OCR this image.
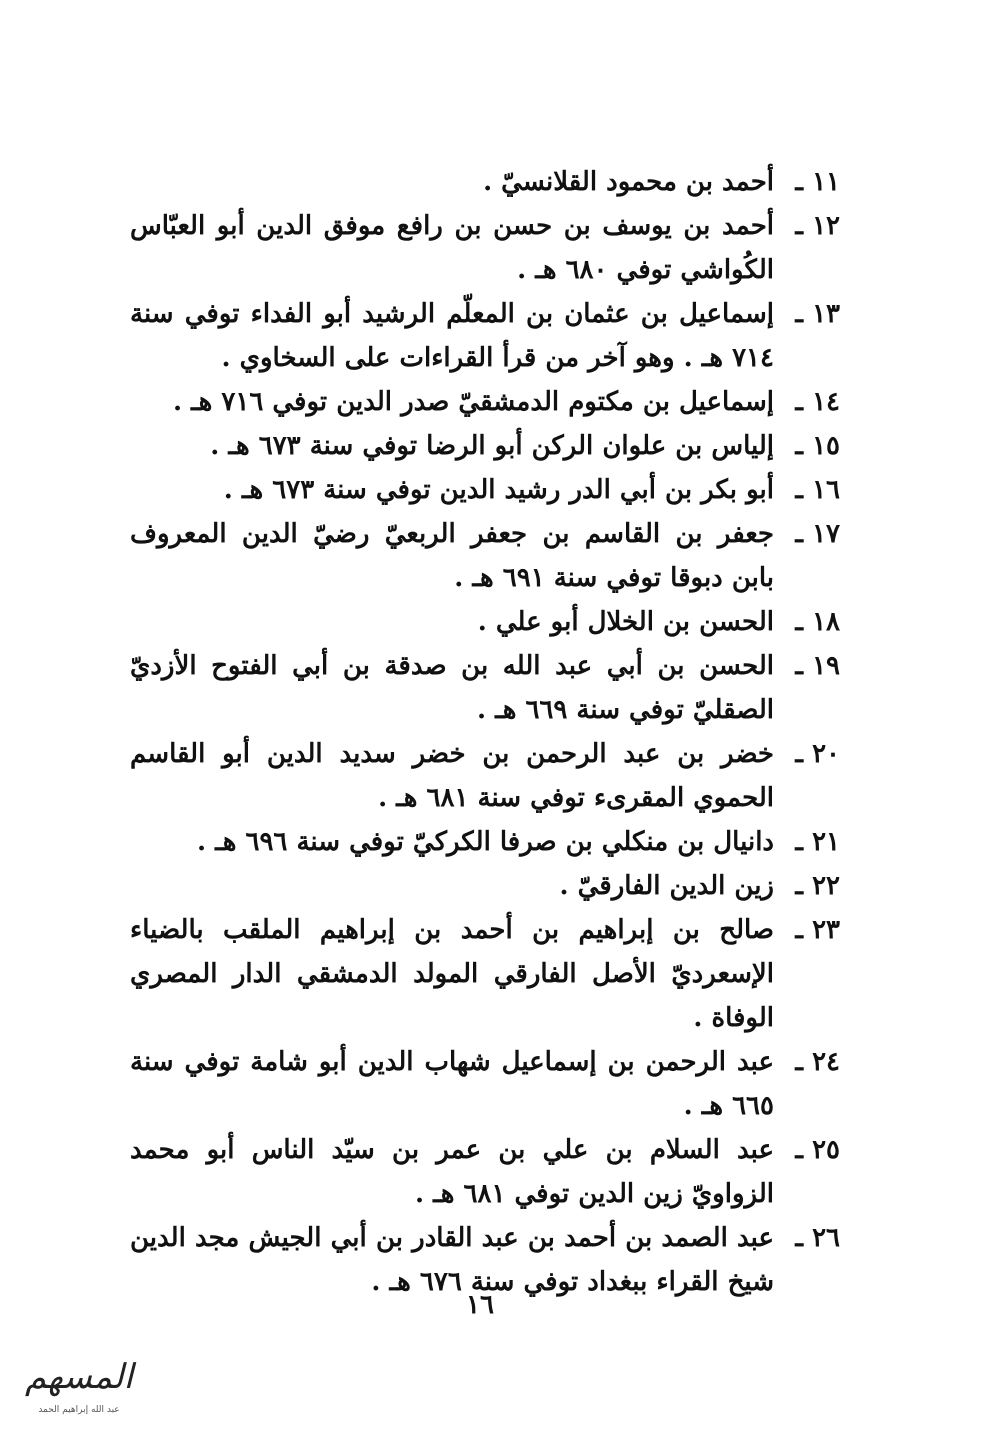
١١ ـ
أحمد بن محمود القلانسيّ .
١٢ ـ
أحمد بن يوسف بن حسن بن رافع موفق الدين أبو العبّاس الكُواشي توفي ٦٨٠ هـ .
١٣ ـ
إسماعيل بن عثمان بن المعلّم الرشيد أبو الفداء توفي سنة ٧١٤ هـ . وهو آخر من قرأ القراءات على السخاوي .
١٤ ـ
إسماعيل بن مكتوم الدمشقيّ صدر الدين توفي ٧١٦ هـ .
١٥ ـ
إلياس بن علوان الركن أبو الرضا توفي سنة ٦٧٣ هـ .
١٦ ـ
أبو بكر بن أبي الدر رشيد الدين توفي سنة ٦٧٣ هـ .
١٧ ـ
جعفر بن القاسم بن جعفر الربعيّ رضيّ الدين المعروف بابن دبوقا توفي سنة ٦٩١ هـ .
١٨ ـ
الحسن بن الخلال أبو علي .
١٩ ـ
الحسن بن أبي عبد الله بن صدقة بن أبي الفتوح الأزديّ الصقليّ توفي سنة ٦٦٩ هـ .
٢٠ ـ
خضر بن عبد الرحمن بن خضر سديد الدين أبو القاسم الحموي المقرىء توفي سنة ٦٨١ هـ .
٢١ ـ
دانيال بن منكلي بن صرفا الكركيّ توفي سنة ٦٩٦ هـ .
٢٢ ـ
زين الدين الفارقيّ .
٢٣ ـ
صالح بن إبراهيم بن أحمد بن إبراهيم الملقب بالضياء الإسعرديّ الأصل الفارقي المولد الدمشقي الدار المصري الوفاة .
٢٤ ـ
عبد الرحمن بن إسماعيل شهاب الدين أبو شامة توفي سنة ٦٦٥ هـ .
٢٥ ـ
عبد السلام بن علي بن عمر بن سيّد الناس أبو محمد الزواويّ زين الدين توفي ٦٨١ هـ .
٢٦ ـ
عبد الصمد بن أحمد بن عبد القادر بن أبي الجيش مجد الدين شيخ القراء ببغداد توفي سنة ٦٧٦ هـ .
١٦
المسهم
عبد الله إبراهيم الحمد
